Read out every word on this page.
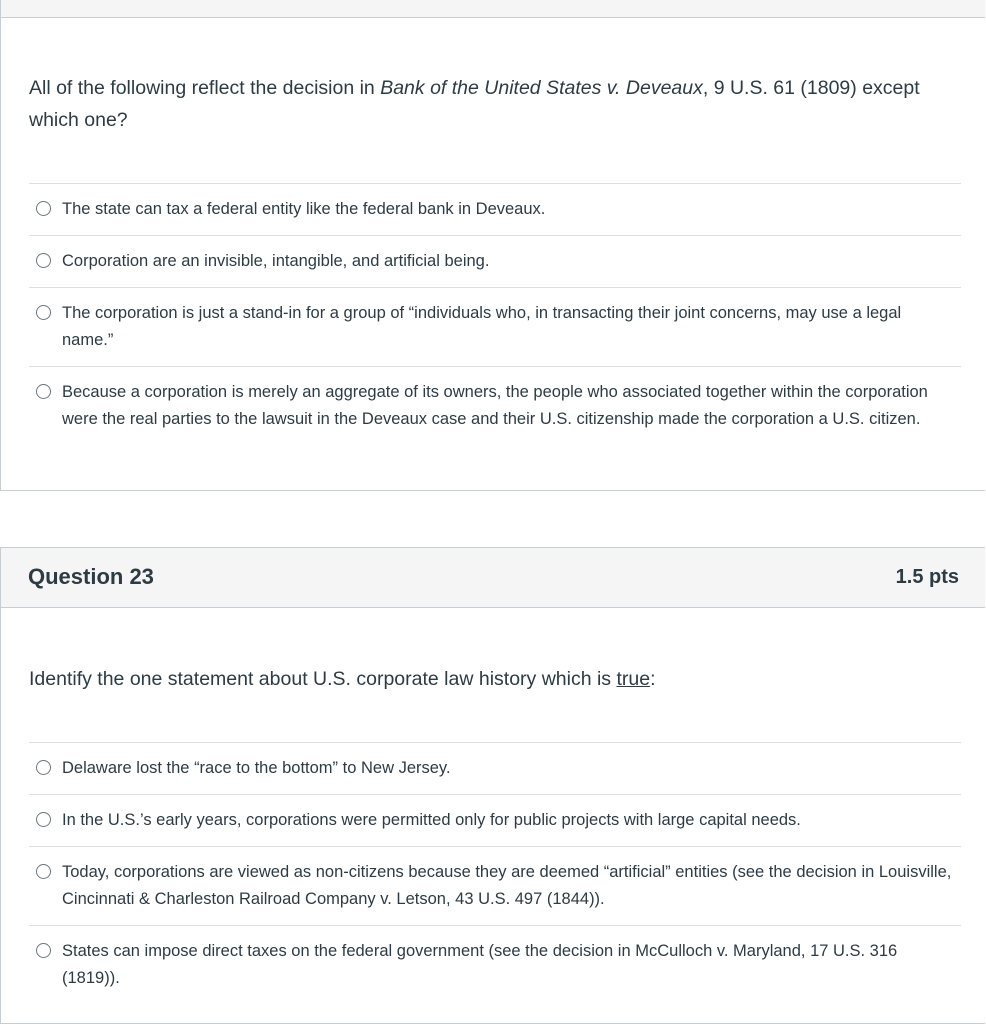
All of the following reflect the decision in Bank of the United States v. Deveaux, 9 U.S. 61 (1809) except which one?
The state can tax a federal entity like the federal bank in Deveaux.
Corporation are an invisible, intangible, and artificial being.
The corporation is just a stand-in for a group of “individuals who, in transacting their joint concerns, may use a legal name.”
Because a corporation is merely an aggregate of its owners, the people who associated together within the corporation were the real parties to the lawsuit in the Deveaux case and their U.S. citizenship made the corporation a U.S. citizen.
Question 23	1.5 pts
Identify the one statement about U.S. corporate law history which is true:
Delaware lost the “race to the bottom” to New Jersey.
In the U.S.’s early years, corporations were permitted only for public projects with large capital needs.
Today, corporations are viewed as non-citizens because they are deemed “artificial” entities (see the decision in Louisville, Cincinnati & Charleston Railroad Company v. Letson, 43 U.S. 497 (1844)).
States can impose direct taxes on the federal government (see the decision in McCulloch v. Maryland, 17 U.S. 316 (1819)).
